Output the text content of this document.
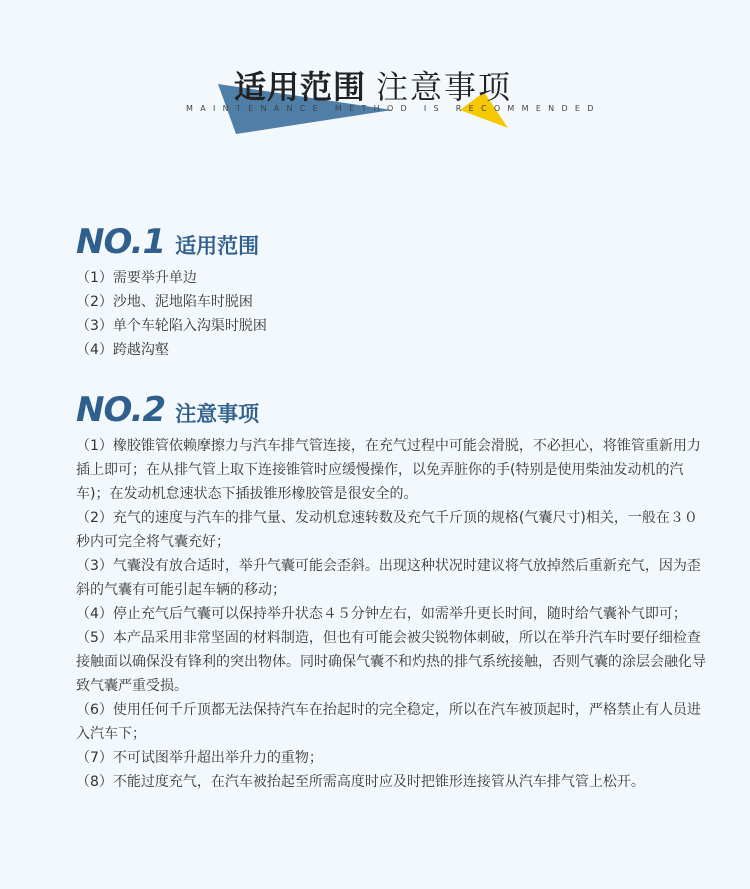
适用范围 注意事项
MAINTENANCE METHOD IS RECOMMENDED
NO.1 适用范围
（1）需要举升单边
（2）沙地、泥地陷车时脱困
（3）单个车轮陷入沟渠时脱困
（4）跨越沟壑
NO.2 注意事项
（1）橡胶锥管依赖摩擦力与汽车排气管连接，在充气过程中可能会滑脱，不必担心，将锥管重新用力插上即可；在从排气管上取下连接锥管时应缓慢操作，以免弄脏你的手(特别是使用柴油发动机的汽车)；在发动机怠速状态下插拔锥形橡胶管是很安全的。
（2）充气的速度与汽车的排气量、发动机怠速转数及充气千斤顶的规格(气囊尺寸)相关，一般在３０秒内可完全将气囊充好；
（3）气囊没有放合适时，举升气囊可能会歪斜。出现这种状况时建议将气放掉然后重新充气，因为歪斜的气囊有可能引起车辆的移动；
（4）停止充气后气囊可以保持举升状态４５分钟左右，如需举升更长时间，随时给气囊补气即可；
（5）本产品采用非常坚固的材料制造，但也有可能会被尖锐物体刺破，所以在举升汽车时要仔细检查接触面以确保没有锋利的突出物体。同时确保气囊不和灼热的排气系统接触，否则气囊的涂层会融化导致气囊严重受损。
（6）使用任何千斤顶都无法保持汽车在抬起时的完全稳定，所以在汽车被顶起时，严格禁止有人员进入汽车下；
（7）不可试图举升超出举升力的重物；
（8）不能过度充气，在汽车被抬起至所需高度时应及时把锥形连接管从汽车排气管上松开。
